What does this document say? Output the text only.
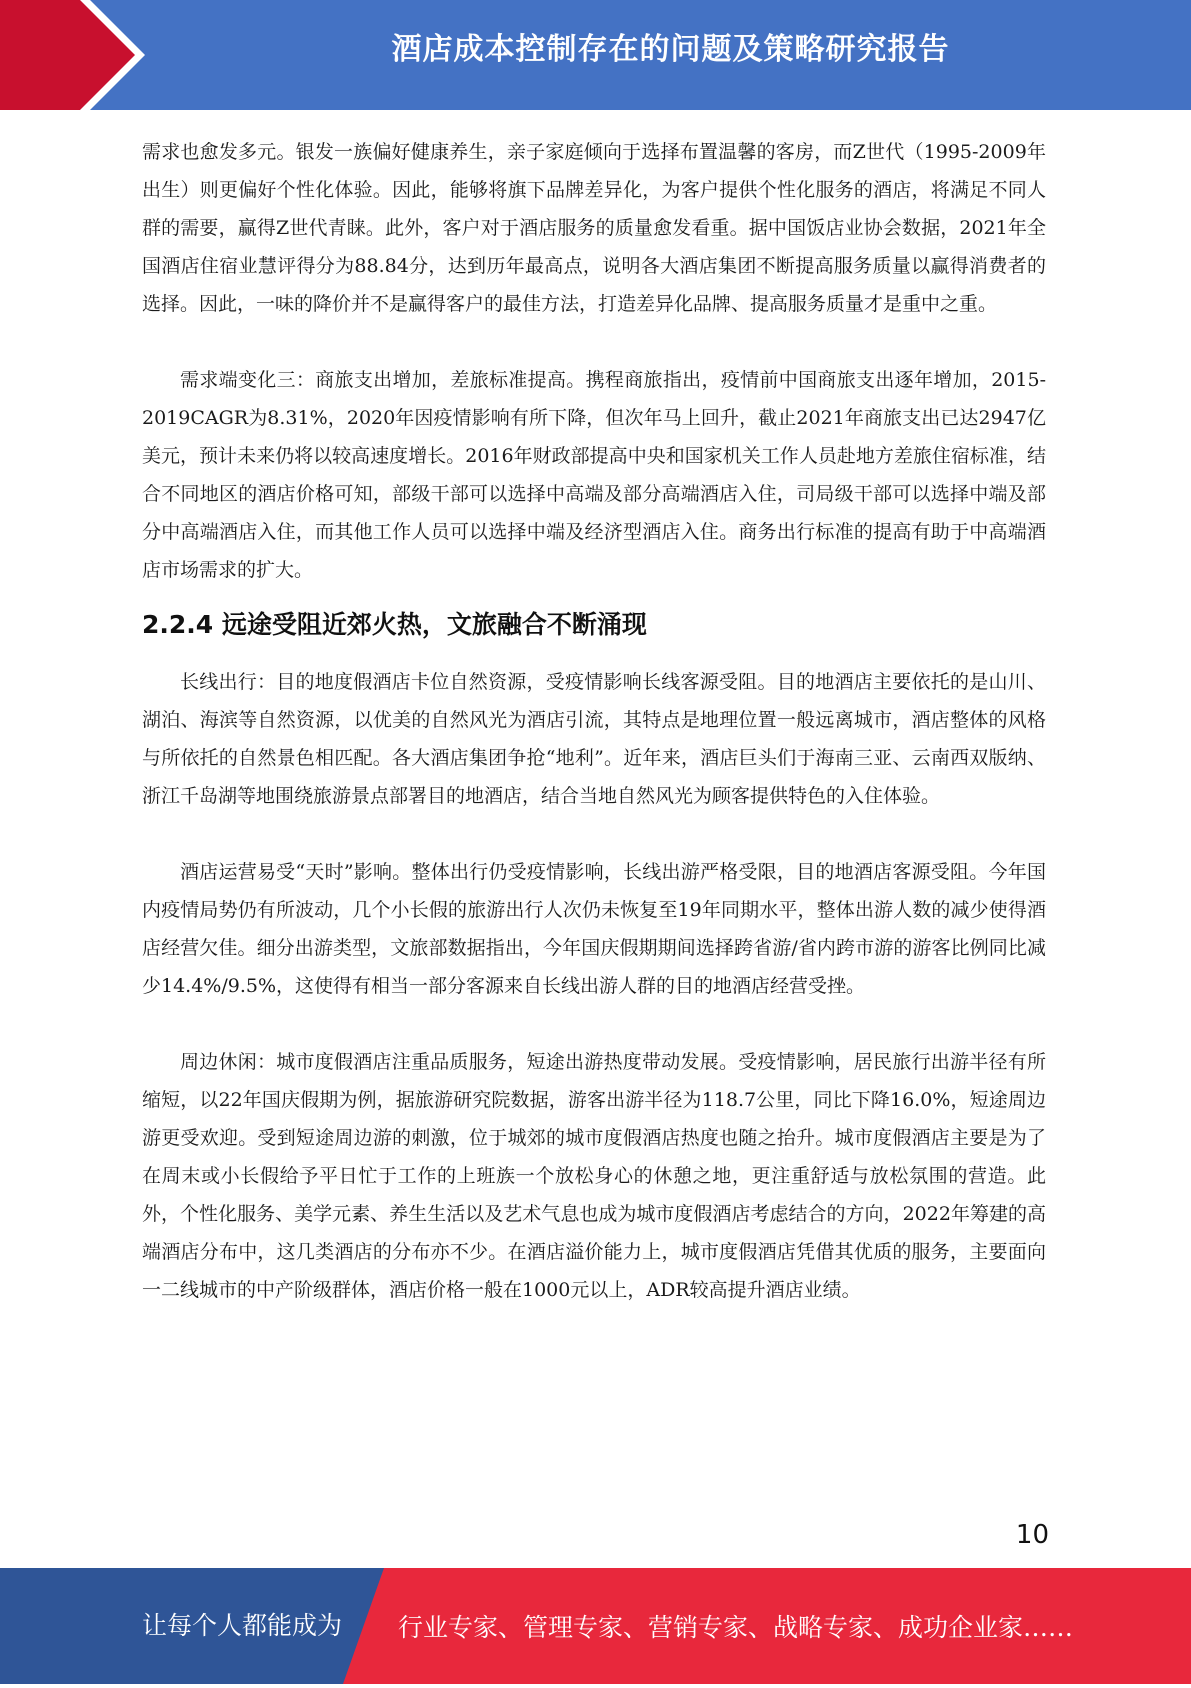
酒店成本控制存在的问题及策略研究报告

需求也愈发多元。银发一族偏好健康养生，亲子家庭倾向于选择布置温馨的客房，而Z世代（1995-2009年出生）则更偏好个性化体验。因此，能够将旗下品牌差异化，为客户提供个性化服务的酒店，将满足不同人群的需要，赢得Z世代青睐。此外，客户对于酒店服务的质量愈发看重。据中国饭店业协会数据，2021年全国酒店住宿业慧评得分为88.84分，达到历年最高点，说明各大酒店集团不断提高服务质量以赢得消费者的选择。因此，一味的降价并不是赢得客户的最佳方法，打造差异化品牌、提高服务质量才是重中之重。

需求端变化三：商旅支出增加，差旅标准提高。携程商旅指出，疫情前中国商旅支出逐年增加，2015-2019CAGR为8.31%，2020年因疫情影响有所下降，但次年马上回升，截止2021年商旅支出已达2947亿美元，预计未来仍将以较高速度增长。2016年财政部提高中央和国家机关工作人员赴地方差旅住宿标准，结合不同地区的酒店价格可知，部级干部可以选择中高端及部分高端酒店入住，司局级干部可以选择中端及部分中高端酒店入住，而其他工作人员可以选择中端及经济型酒店入住。商务出行标准的提高有助于中高端酒店市场需求的扩大。

2.2.4 远途受阻近郊火热，文旅融合不断涌现

长线出行：目的地度假酒店卡位自然资源，受疫情影响长线客源受阻。目的地酒店主要依托的是山川、湖泊、海滨等自然资源，以优美的自然风光为酒店引流，其特点是地理位置一般远离城市，酒店整体的风格与所依托的自然景色相匹配。各大酒店集团争抢“地利”。近年来，酒店巨头们于海南三亚、云南西双版纳、浙江千岛湖等地围绕旅游景点部署目的地酒店，结合当地自然风光为顾客提供特色的入住体验。

酒店运营易受“天时”影响。整体出行仍受疫情影响，长线出游严格受限，目的地酒店客源受阻。今年国内疫情局势仍有所波动，几个小长假的旅游出行人次仍未恢复至19年同期水平，整体出游人数的减少使得酒店经营欠佳。细分出游类型，文旅部数据指出，今年国庆假期期间选择跨省游/省内跨市游的游客比例同比减少14.4%/9.5%，这使得有相当一部分客源来自长线出游人群的目的地酒店经营受挫。

周边休闲：城市度假酒店注重品质服务，短途出游热度带动发展。受疫情影响，居民旅行出游半径有所缩短，以22年国庆假期为例，据旅游研究院数据，游客出游半径为118.7公里，同比下降16.0%，短途周边游更受欢迎。受到短途周边游的刺激，位于城郊的城市度假酒店热度也随之抬升。城市度假酒店主要是为了在周末或小长假给予平日忙于工作的上班族一个放松身心的休憩之地，更注重舒适与放松氛围的营造。此外，个性化服务、美学元素、养生生活以及艺术气息也成为城市度假酒店考虑结合的方向，2022年筹建的高端酒店分布中，这几类酒店的分布亦不少。在酒店溢价能力上，城市度假酒店凭借其优质的服务，主要面向一二线城市的中产阶级群体，酒店价格一般在1000元以上，ADR较高提升酒店业绩。

10
让每个人都能成为 行业专家、管理专家、营销专家、战略专家、成功企业家……
